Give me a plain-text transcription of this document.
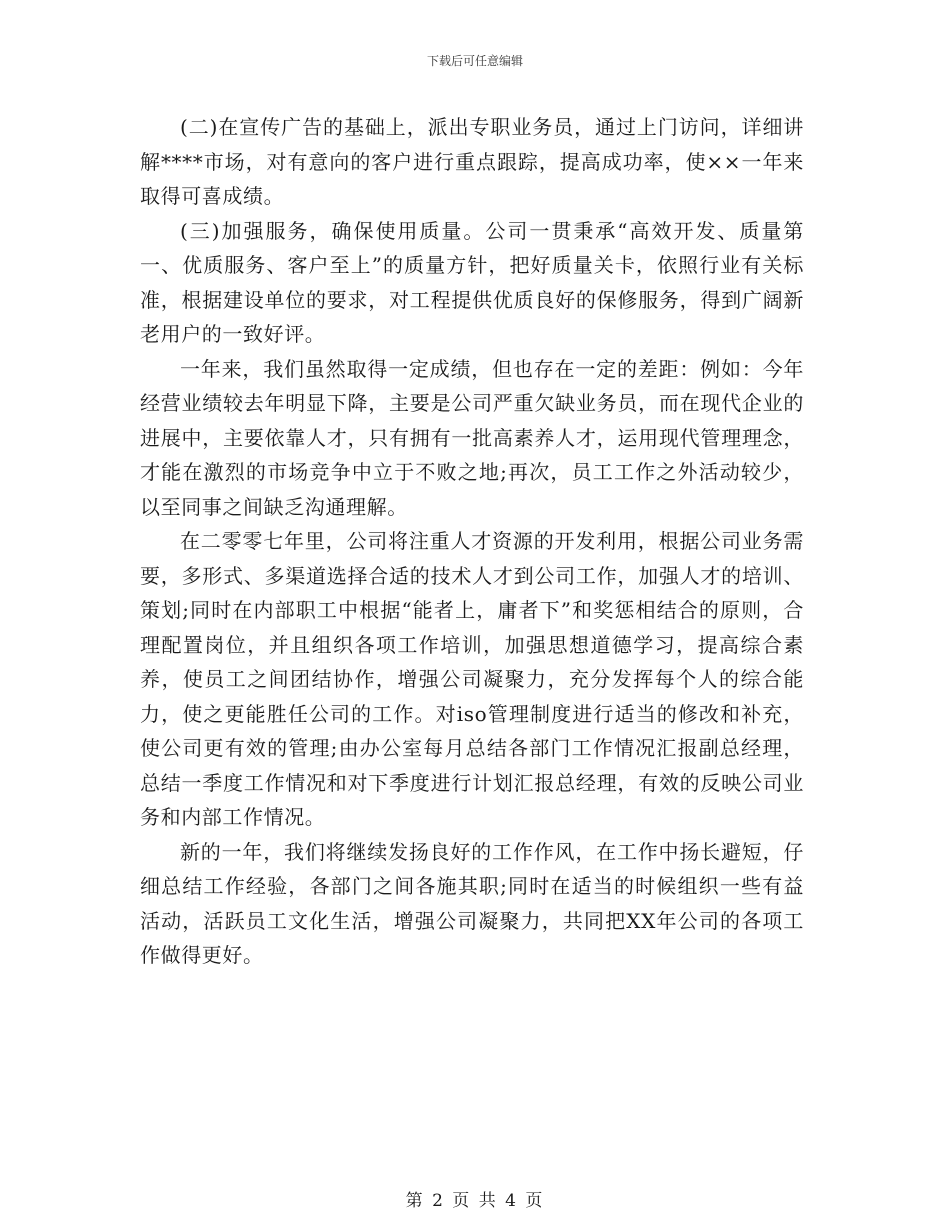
下载后可任意编辑

(二)在宣传广告的基础上，派出专职业务员，通过上门访问，详细讲解****市场，对有意向的客户进行重点跟踪，提高成功率，使××一年来取得可喜成绩。

(三)加强服务，确保使用质量。公司一贯秉承“高效开发、质量第一、优质服务、客户至上”的质量方针，把好质量关卡，依照行业有关标准，根据建设单位的要求，对工程提供优质良好的保修服务，得到广阔新老用户的一致好评。

一年来，我们虽然取得一定成绩，但也存在一定的差距：例如：今年经营业绩较去年明显下降，主要是公司严重欠缺业务员，而在现代企业的进展中，主要依靠人才，只有拥有一批高素养人才，运用现代管理理念，才能在激烈的市场竞争中立于不败之地;再次，员工工作之外活动较少，以至同事之间缺乏沟通理解。

在二零零七年里，公司将注重人才资源的开发利用，根据公司业务需要，多形式、多渠道选择合适的技术人才到公司工作，加强人才的培训、策划;同时在内部职工中根据“能者上，庸者下”和奖惩相结合的原则，合理配置岗位，并且组织各项工作培训，加强思想道德学习，提高综合素养，使员工之间团结协作，增强公司凝聚力，充分发挥每个人的综合能力，使之更能胜任公司的工作。对iso管理制度进行适当的修改和补充，使公司更有效的管理;由办公室每月总结各部门工作情况汇报副总经理，总结一季度工作情况和对下季度进行计划汇报总经理，有效的反映公司业务和内部工作情况。

新的一年，我们将继续发扬良好的工作作风，在工作中扬长避短，仔细总结工作经验，各部门之间各施其职;同时在适当的时候组织一些有益活动，活跃员工文化生活，增强公司凝聚力，共同把XX年公司的各项工作做得更好。

第 2 页 共 4 页
